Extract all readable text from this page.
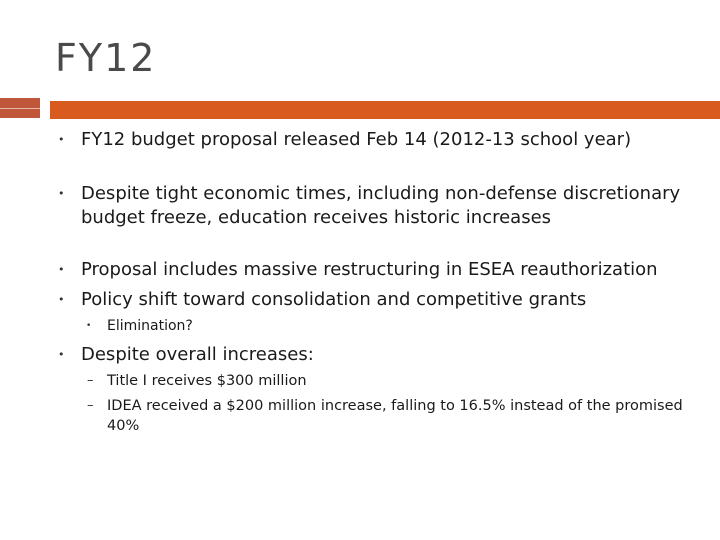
FY12
• FY12 budget proposal released Feb 14 (2012-13 school year)
• Despite tight economic times, including non-defense discretionary budget freeze, education receives historic increases
• Proposal includes massive restructuring in ESEA reauthorization
• Policy shift toward consolidation and competitive grants
• Elimination?
• Despite overall increases:
– Title I receives $300 million
– IDEA received a $200 million increase, falling to 16.5% instead of the promised 40%
